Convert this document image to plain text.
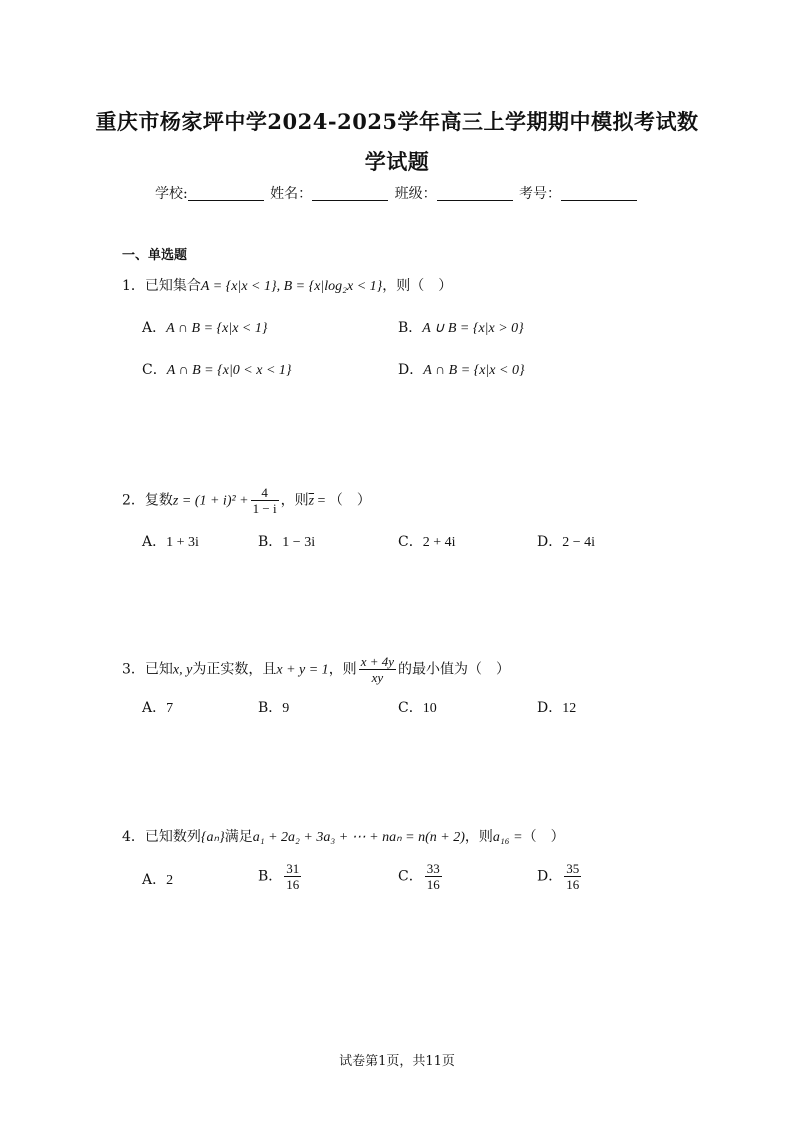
重庆市杨家坪中学2024-2025学年高三上学期期中模拟考试数
学试题
学校:	姓名：	班级：	考号：
一、单选题
1．已知集合A = {x|x < 1}, B = {x|log₂x < 1}，则（　）
A．A ∩ B = {x|x < 1}	B．A ∪ B = {x|x > 0}
C．A ∩ B = {x|0 < x < 1}	D．A ∩ B = {x|x < 0}
2．复数$z = (1 + i)^2 + \frac{4}{1 - i}$ ，则$\overline{z}$ = （　）
A．1 + 3i	B．1 − 3i	C．2 + 4i	D．2 − 4i
3．已知x, y为正实数，且x + y = 1，则 $\frac{x + 4y}{xy}$ 的最小值为（　）
A．7	B．9	C．10	D．12
4．已知数列{aₙ}满足a₁ + 2a₂ + 3a₃ + ⋯ + naₙ = n(n + 2)，则a₁₆ =（　）
A．2	B． $\frac{31}{16}$	C． $\frac{33}{16}$	D． $\frac{35}{16}$
试卷第1页，共11页
